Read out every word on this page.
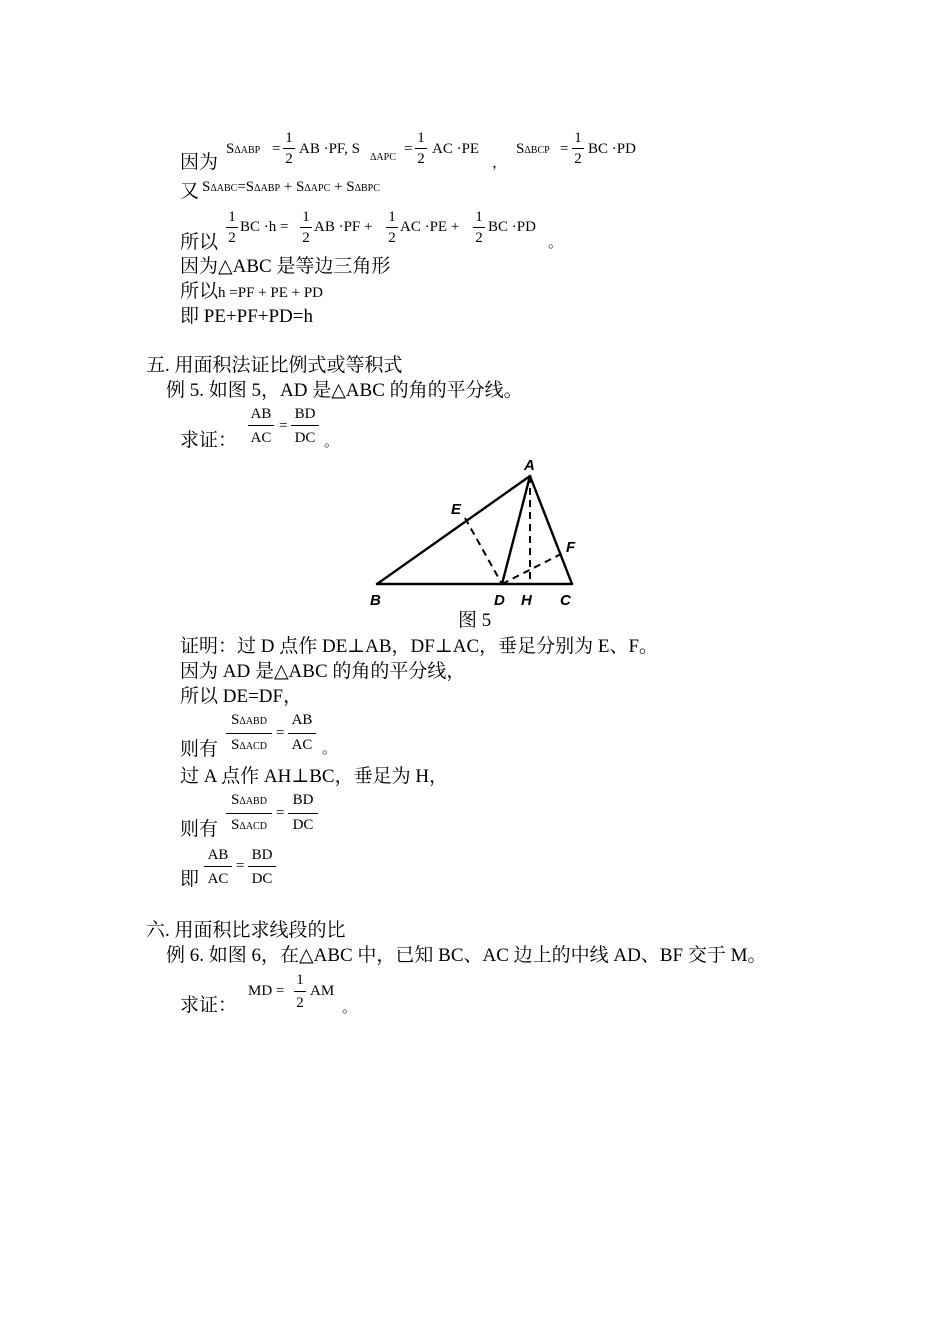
因为
SΔABP =
1
2
AB ·PF, S
ΔAPC
=
1
2
AC ·PE
，
SΔBCP =
1
2
BC ·PD
又 SΔABC=SΔABP + SΔAPC + SΔBPC
所以
1
2
BC ·h =
1
2
AB ·PF +
1
2
AC ·PE +
1
2
BC ·PD
。
因为△ABC 是等边三角形
所以h =PF + PE + PD
即 PE+PF+PD=h
五. 用面积法证比例式或等积式
例 5. 如图 5，AD 是△ABC 的角的平分线。
求证：
AB
AC
=
BD
DC 。
A
B	C
D H
E
F
图 5
证明：过 D 点作 DE⊥AB，DF⊥AC，垂足分别为 E、F。
因为 AD 是△ABC 的角的平分线，
所以 DE=DF，
则有
SΔABD
SΔACD
=
AB
AC 。
过 A 点作 AH⊥BC，垂足为 H，
则有
SΔABD
SΔACD
=
BD
DC
即
AB
AC
=
BD
DC
六. 用面积比求线段的比
例 6. 如图 6，在△ABC 中，已知 BC、AC 边上的中线 AD、BF 交于 M。
求证：
MD =
1
2
AM
。
